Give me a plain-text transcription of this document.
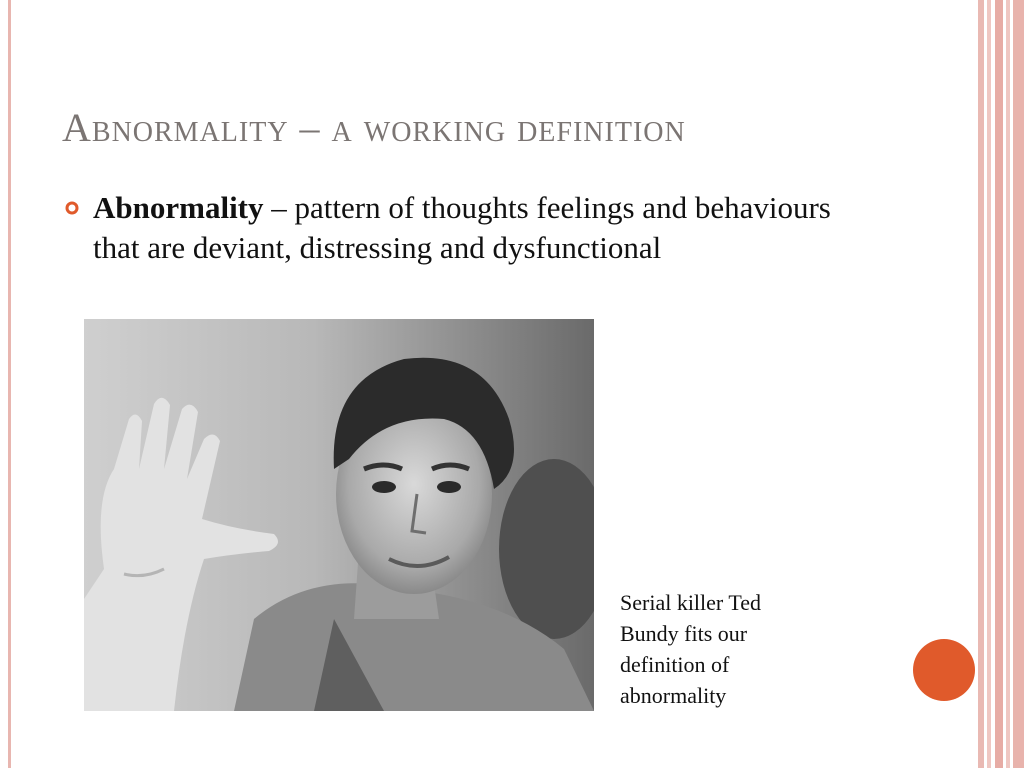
Abnormality – a working definition
Abnormality – pattern of thoughts feelings and behaviours that are deviant, distressing and dysfunctional
Serial killer Ted
Bundy fits our
definition of
abnormality
